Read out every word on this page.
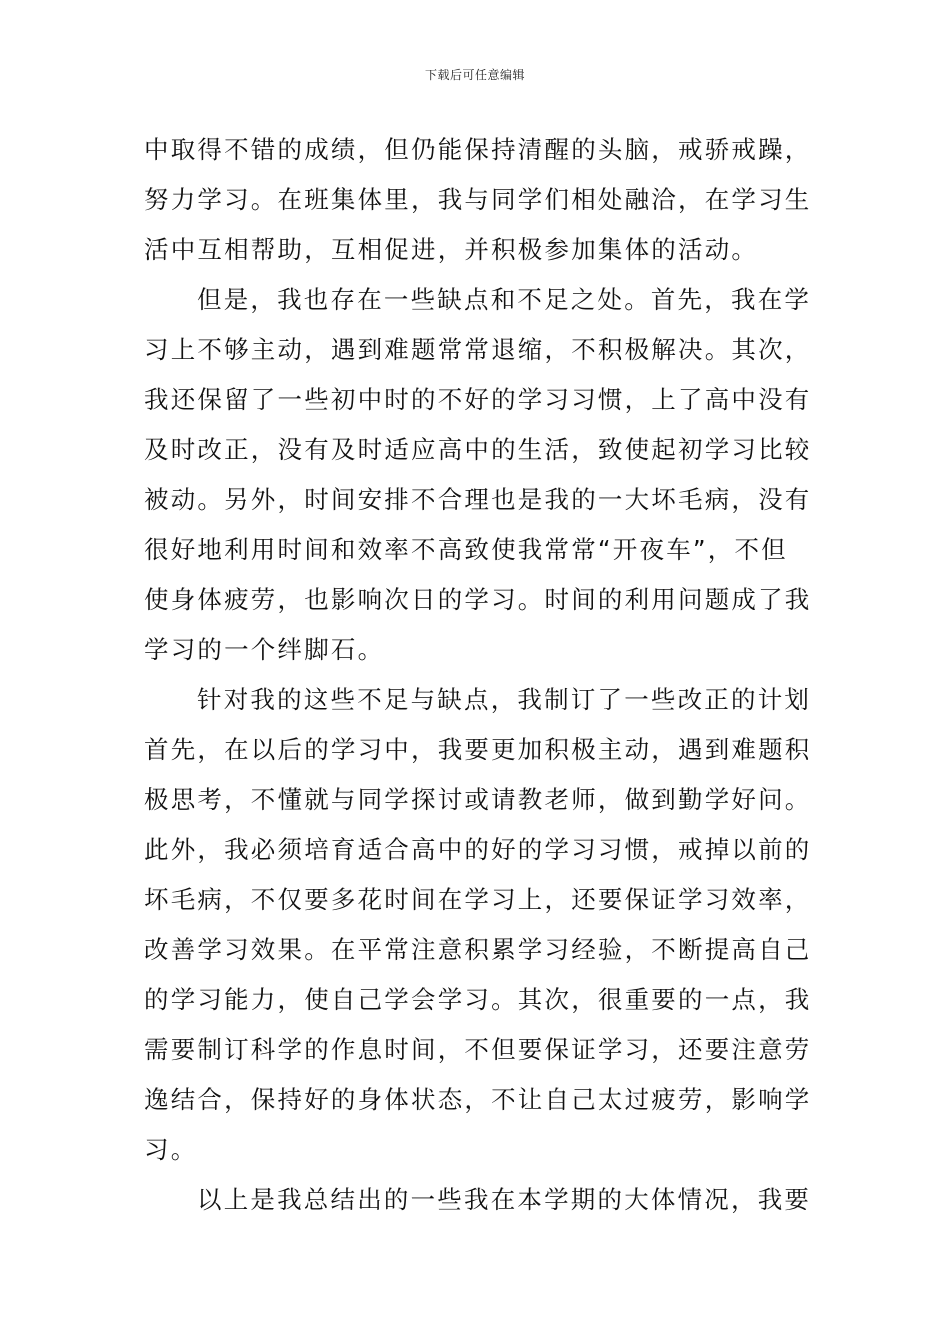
下载后可任意编辑
中取得不错的成绩，但仍能保持清醒的头脑，戒骄戒躁，
努力学习。在班集体里，我与同学们相处融洽，在学习生
活中互相帮助，互相促进，并积极参加集体的活动。
但是，我也存在一些缺点和不足之处。首先，我在学
习上不够主动，遇到难题常常退缩，不积极解决。其次，
我还保留了一些初中时的不好的学习习惯，上了高中没有
及时改正，没有及时适应高中的生活，致使起初学习比较
被动。另外，时间安排不合理也是我的一大坏毛病，没有
很好地利用时间和效率不高致使我常常“开夜车”，不但
使身体疲劳，也影响次日的学习。时间的利用问题成了我
学习的一个绊脚石。
针对我的这些不足与缺点，我制订了一些改正的计划
首先，在以后的学习中，我要更加积极主动，遇到难题积
极思考，不懂就与同学探讨或请教老师，做到勤学好问。
此外，我必须培育适合高中的好的学习习惯，戒掉以前的
坏毛病，不仅要多花时间在学习上，还要保证学习效率，
改善学习效果。在平常注意积累学习经验，不断提高自己
的学习能力，使自己学会学习。其次，很重要的一点，我
需要制订科学的作息时间，不但要保证学习，还要注意劳
逸结合，保持好的身体状态，不让自己太过疲劳，影响学
习。
以上是我总结出的一些我在本学期的大体情况，我要
